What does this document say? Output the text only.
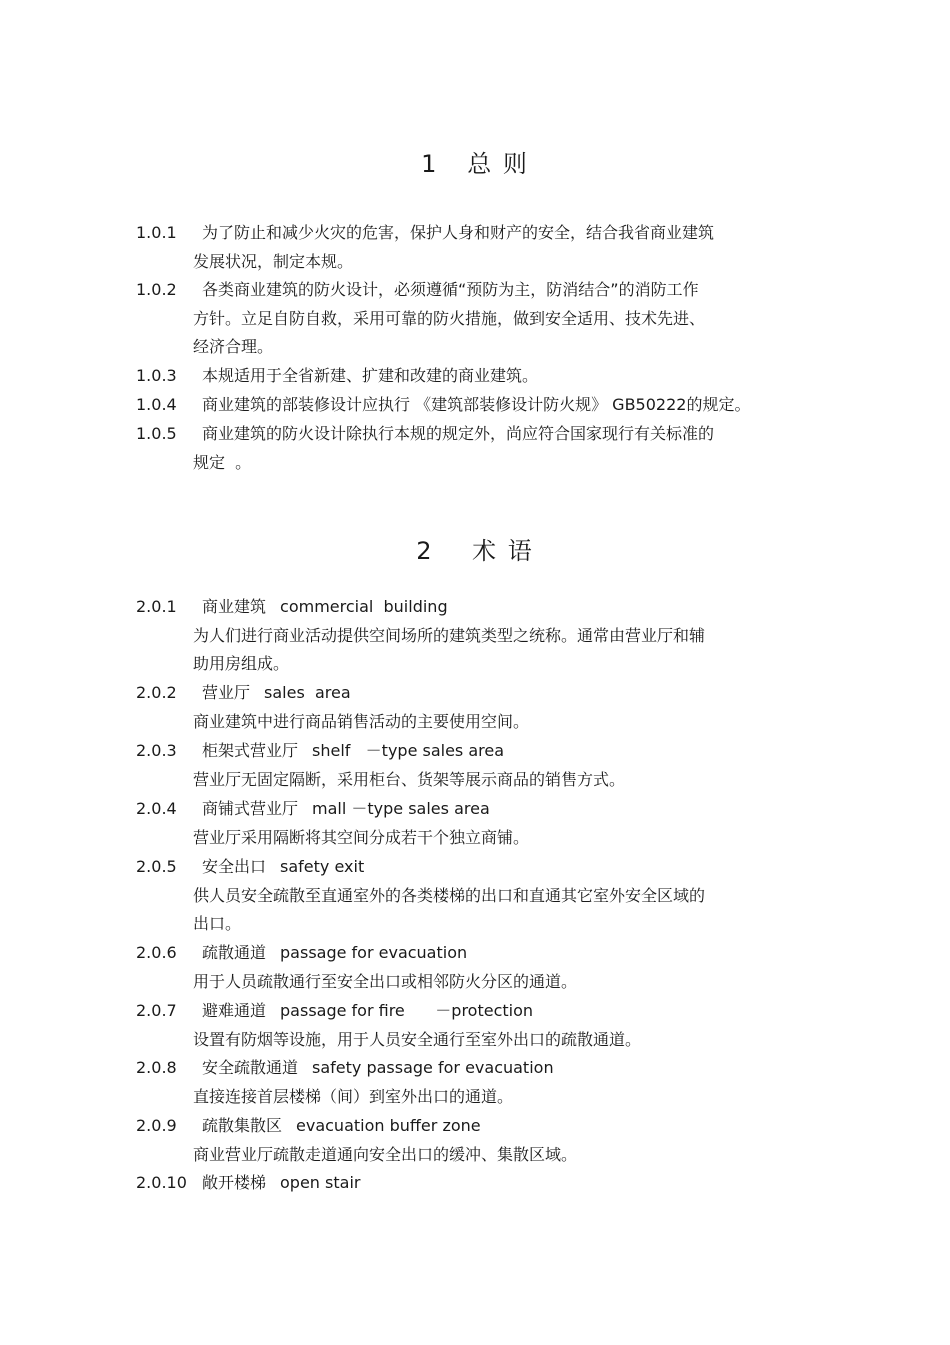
1   总 则
1.0.1	为了防止和减少火灾的危害，保护人身和财产的安全，结合我省商业建筑
发展状况，制定本规。
1.0.2	各类商业建筑的防火设计，必须遵循“预防为主，防消结合”的消防工作
方针。立足自防自救，采用可靠的防火措施，做到安全适用、技术先进、
经济合理。
1.0.3	本规适用于全省新建、扩建和改建的商业建筑。
1.0.4	商业建筑的部装修设计应执行 《建筑部装修设计防火规》 GB50222的规定。
1.0.5	商业建筑的防火设计除执行本规的规定外，尚应符合国家现行有关标准的
规定  。
2    术 语
2.0.1	商业建筑 commercial  building
为人们进行商业活动提供空间场所的建筑类型之统称。通常由营业厅和辅
助用房组成。
2.0.2	营业厅 sales  area
商业建筑中进行商品销售活动的主要使用空间。
2.0.3	柜架式营业厅 shelf   －type sales area
营业厅无固定隔断，采用柜台、货架等展示商品的销售方式。
2.0.4	商铺式营业厅 mall －type sales area
营业厅采用隔断将其空间分成若干个独立商铺。
2.0.5	安全出口 safety exit
供人员安全疏散至直通室外的各类楼梯的出口和直通其它室外安全区域的
出口。
2.0.6	疏散通道 passage for evacuation
用于人员疏散通行至安全出口或相邻防火分区的通道。
2.0.7	避难通道 passage for fire      －protection
设置有防烟等设施，用于人员安全通行至室外出口的疏散通道。
2.0.8	安全疏散通道 safety passage for evacuation
直接连接首层楼梯（间）到室外出口的通道。
2.0.9	疏散集散区 evacuation buffer zone
商业营业厅疏散走道通向安全出口的缓冲、集散区域。
2.0.10 敞开楼梯 open stair
